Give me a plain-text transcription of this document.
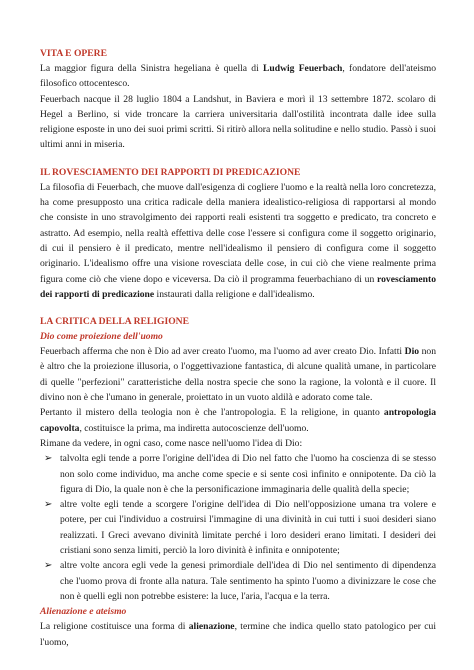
VITA E OPERE

La maggior figura della Sinistra hegeliana è quella di Ludwig Feuerbach, fondatore dell'ateismo filosofico ottocentesco.

Feuerbach nacque il 28 luglio 1804 a Landshut, in Baviera e morì il 13 settembre 1872. scolaro di Hegel a Berlino, si vide troncare la carriera universitaria dall'ostilità incontrata dalle idee sulla religione esposte in uno dei suoi primi scritti. Si ritirò allora nella solitudine e nello studio. Passò i suoi ultimi anni in miseria.

IL ROVESCIAMENTO DEI RAPPORTI DI PREDICAZIONE

La filosofia di Feuerbach, che muove dall'esigenza di cogliere l'uomo e la realtà nella loro concretezza, ha come presupposto una critica radicale della maniera idealistico-religiosa di rapportarsi al mondo che consiste in uno stravolgimento dei rapporti reali esistenti tra soggetto e predicato, tra concreto e astratto. Ad esempio, nella realtà effettiva delle cose l'essere si configura come il soggetto originario, di cui il pensiero è il predicato, mentre nell'idealismo il pensiero di configura come il soggetto originario. L'idealismo offre una visione rovesciata delle cose, in cui ciò che viene realmente prima figura come ciò che viene dopo e viceversa. Da ciò il programma feuerbachiano di un rovesciamento dei rapporti di predicazione instaurati dalla religione e dall'idealismo.

LA CRITICA DELLA RELIGIONE
Dio come proiezione dell'uomo

Feuerbach afferma che non è Dio ad aver creato l'uomo, ma l'uomo ad aver creato Dio. Infatti Dio non è altro che la proiezione illusoria, o l'oggettivazione fantastica, di alcune qualità umane, in particolare di quelle "perfezioni" caratteristiche della nostra specie che sono la ragione, la volontà e il cuore. Il divino non è che l'umano in generale, proiettato in un vuoto aldilà e adorato come tale.

Pertanto il mistero della teologia non è che l'antropologia. E la religione, in quanto antropologia capovolta, costituisce la prima, ma indiretta autocoscienze dell'uomo.

Rimane da vedere, in ogni caso, come nasce nell'uomo l'idea di Dio:

➢ talvolta egli tende a porre l'origine dell'idea di Dio nel fatto che l'uomo ha coscienza di se stesso non solo come individuo, ma anche come specie e si sente così infinito e onnipotente. Da ciò la figura di Dio, la quale non è che la personificazione immaginaria delle qualità della specie;
➢ altre volte egli tende a scorgere l'origine dell'idea di Dio nell'opposizione umana tra volere e potere, per cui l'individuo a costruirsi l'immagine di una divinità in cui tutti i suoi desideri siano realizzati. I Greci avevano divinità limitate perché i loro desideri erano limitati. I desideri dei cristiani sono senza limiti, perciò la loro divinità è infinita e onnipotente;
➢ altre volte ancora egli vede la genesi primordiale dell'idea di Dio nel sentimento di dipendenza che l'uomo prova di fronte alla natura. Tale sentimento ha spinto l'uomo a divinizzare le cose che non è quelli egli non potrebbe esistere: la luce, l'aria, l'acqua e la terra.
Alienazione e ateismo

La religione costituisce una forma di alienazione, termine che indica quello stato patologico per cui l'uomo,
